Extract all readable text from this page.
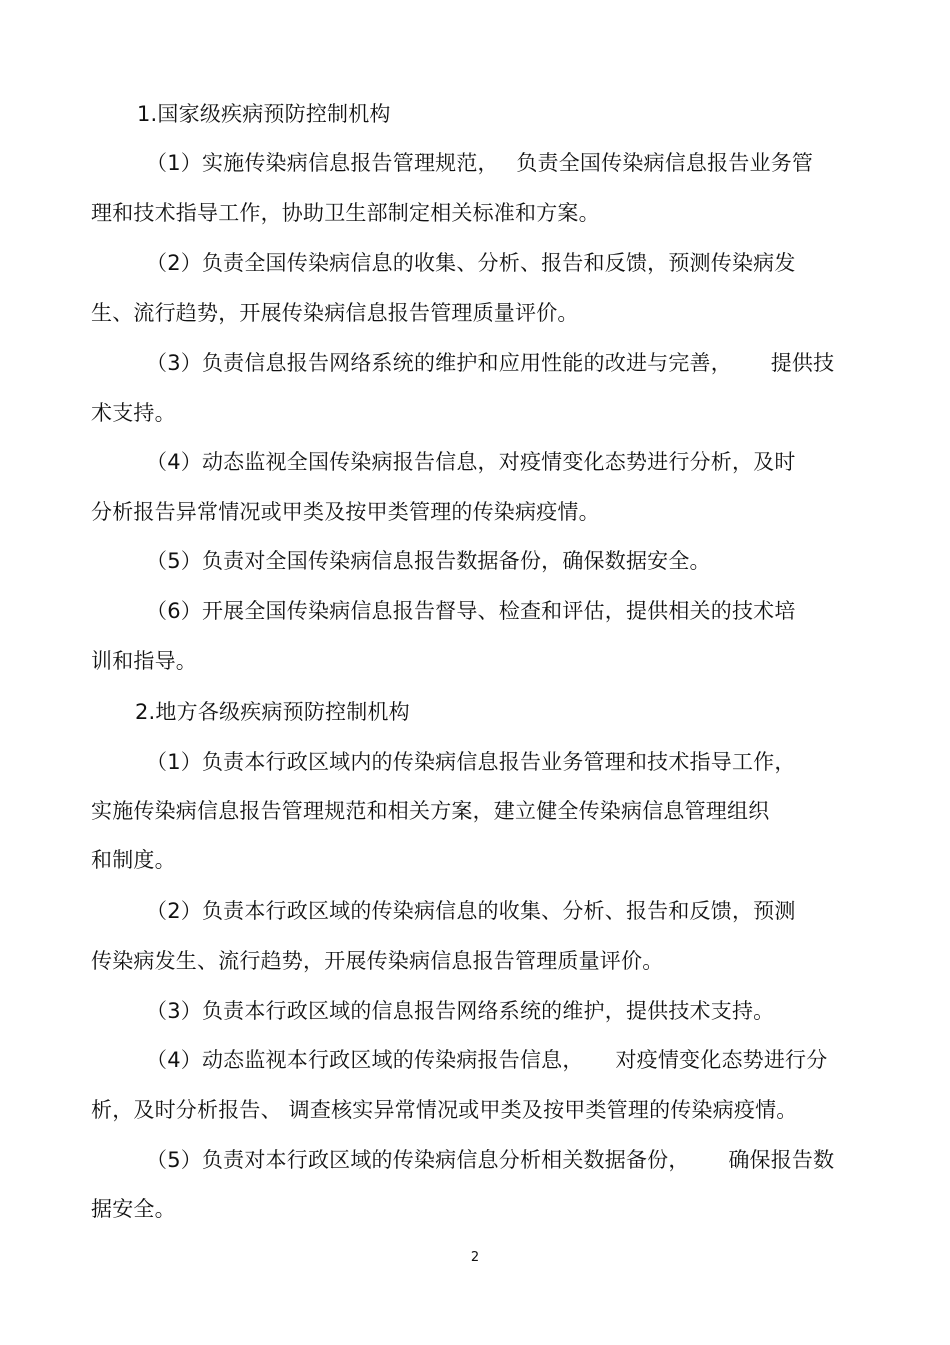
1.国家级疾病预防控制机构
（1）实施传染病信息报告管理规范，　 负责全国传染病信息报告业务管
理和技术指导工作，协助卫生部制定相关标准和方案。
（2）负责全国传染病信息的收集、分析、报告和反馈，预测传染病发
生、流行趋势，开展传染病信息报告管理质量评价。
（3）负责信息报告网络系统的维护和应用性能的改进与完善，　　 提供技
术支持。
（4）动态监视全国传染病报告信息，对疫情变化态势进行分析，及时
分析报告异常情况或甲类及按甲类管理的传染病疫情。
（5）负责对全国传染病信息报告数据备份，确保数据安全。
（6）开展全国传染病信息报告督导、检查和评估，提供相关的技术培
训和指导。
2.地方各级疾病预防控制机构
（1）负责本行政区域内的传染病信息报告业务管理和技术指导工作，
实施传染病信息报告管理规范和相关方案，建立健全传染病信息管理组织
和制度。
（2）负责本行政区域的传染病信息的收集、分析、报告和反馈，预测
传染病发生、流行趋势，开展传染病信息报告管理质量评价。
（3）负责本行政区域的信息报告网络系统的维护，提供技术支持。
（4）动态监视本行政区域的传染病报告信息，　　对疫情变化态势进行分
析，及时分析报告、 调查核实异常情况或甲类及按甲类管理的传染病疫情。
（5）负责对本行政区域的传染病信息分析相关数据备份，　　 确保报告数
据安全。
2
